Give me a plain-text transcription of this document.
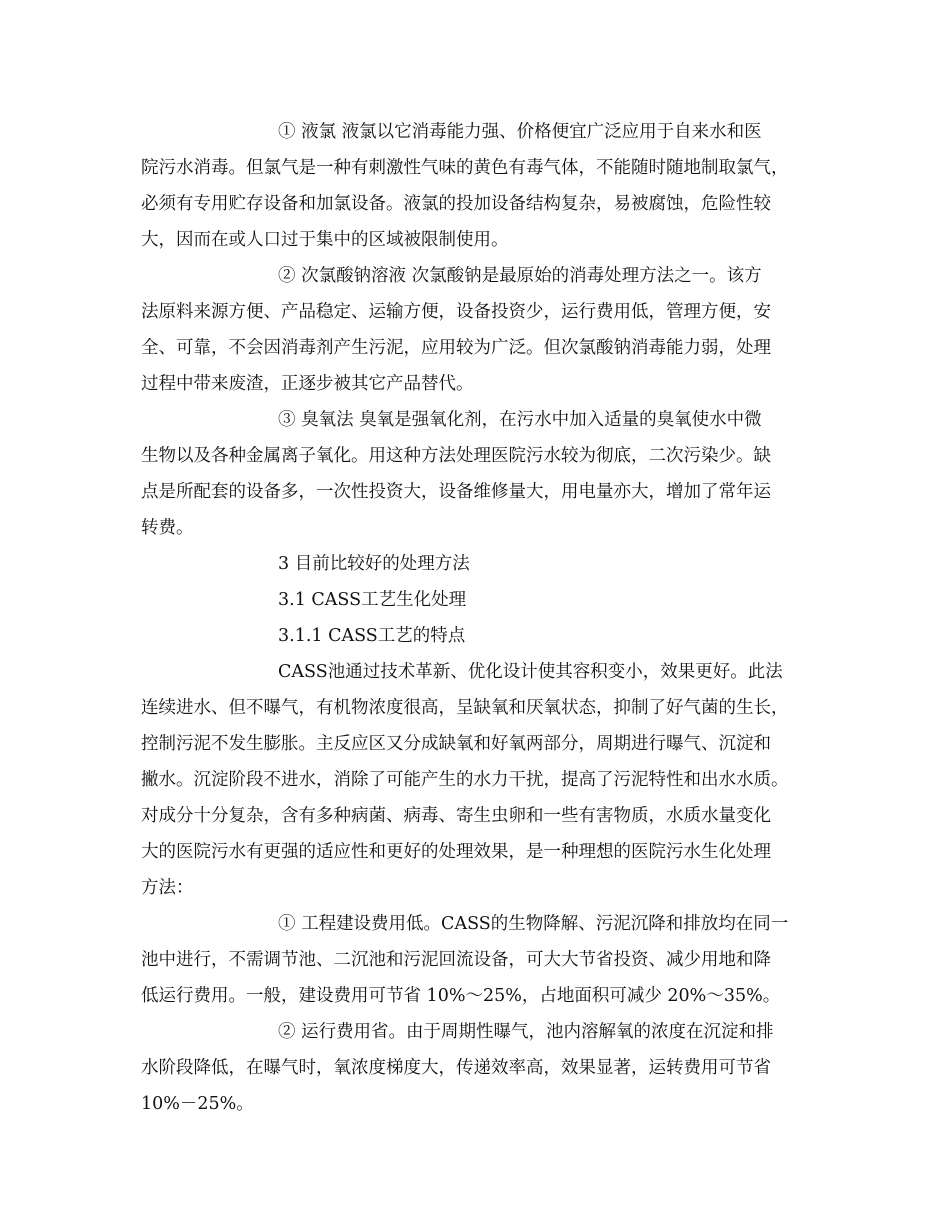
① 液氯 液氯以它消毒能力强、价格便宜广泛应用于自来水和医
院污水消毒。但氯气是一种有刺激性气味的黄色有毒气体，不能随时随地制取氯气，
必须有专用贮存设备和加氯设备。液氯的投加设备结构复杂，易被腐蚀，危险性较
大，因而在或人口过于集中的区域被限制使用。
② 次氯酸钠溶液 次氯酸钠是最原始的消毒处理方法之一。该方
法原料来源方便、产品稳定、运输方便，设备投资少，运行费用低，管理方便，安
全、可靠，不会因消毒剂产生污泥，应用较为广泛。但次氯酸钠消毒能力弱，处理
过程中带来废渣，正逐步被其它产品替代。
③ 臭氧法 臭氧是强氧化剂，在污水中加入适量的臭氧使水中微
生物以及各种金属离子氧化。用这种方法处理医院污水较为彻底，二次污染少。缺
点是所配套的设备多，一次性投资大，设备维修量大，用电量亦大，增加了常年运
转费。
3 目前比较好的处理方法
3.1 CASS工艺生化处理
3.1.1 CASS工艺的特点
CASS池通过技术革新、优化设计使其容积变小，效果更好。此法
连续进水、但不曝气，有机物浓度很高，呈缺氧和厌氧状态，抑制了好气菌的生长，
控制污泥不发生膨胀。主反应区又分成缺氧和好氧两部分，周期进行曝气、沉淀和
撇水。沉淀阶段不进水，消除了可能产生的水力干扰，提高了污泥特性和出水水质。
对成分十分复杂，含有多种病菌、病毒、寄生虫卵和一些有害物质，水质水量变化
大的医院污水有更强的适应性和更好的处理效果，是一种理想的医院污水生化处理
方法：
① 工程建设费用低。CASS的生物降解、污泥沉降和排放均在同一
池中进行，不需调节池、二沉池和污泥回流设备，可大大节省投资、减少用地和降
低运行费用。一般，建设费用可节省 10%～25%，占地面积可减少 20%～35%。
② 运行费用省。由于周期性曝气，池内溶解氧的浓度在沉淀和排
水阶段降低，在曝气时，氧浓度梯度大，传递效率高，效果显著，运转费用可节省
10%－25%。
